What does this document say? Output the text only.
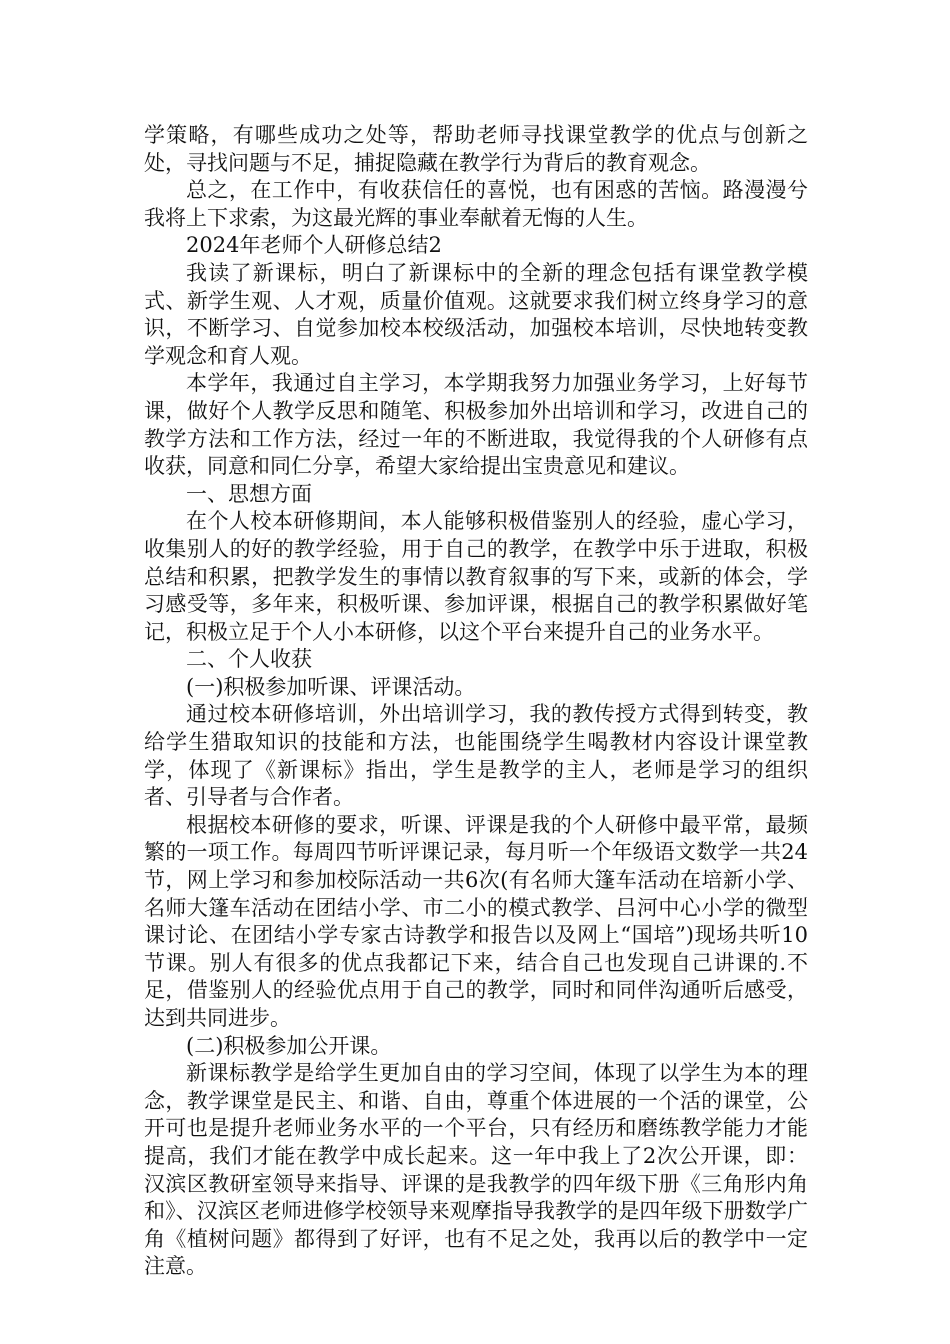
学策略，有哪些成功之处等，帮助老师寻找课堂教学的优点与创新之处，寻找问题与不足，捕捉隐藏在教学行为背后的教育观念。

总之，在工作中，有收获信任的喜悦，也有困惑的苦恼。路漫漫兮我将上下求索，为这最光辉的事业奉献着无悔的人生。

2024年老师个人研修总结2

我读了新课标，明白了新课标中的全新的理念包括有课堂教学模式、新学生观、人才观，质量价值观。这就要求我们树立终身学习的意识，不断学习、自觉参加校本校级活动，加强校本培训，尽快地转变教学观念和育人观。

本学年，我通过自主学习，本学期我努力加强业务学习，上好每节课，做好个人教学反思和随笔、积极参加外出培训和学习，改进自己的教学方法和工作方法，经过一年的不断进取，我觉得我的个人研修有点收获，同意和同仁分享，希望大家给提出宝贵意见和建议。

一、思想方面

在个人校本研修期间，本人能够积极借鉴别人的经验，虚心学习，收集别人的好的教学经验，用于自己的教学，在教学中乐于进取，积极总结和积累，把教学发生的事情以教育叙事的写下来，或新的体会，学习感受等，多年来，积极听课、参加评课，根据自己的教学积累做好笔记，积极立足于个人小本研修，以这个平台来提升自己的业务水平。

二、个人收获

(一)积极参加听课、评课活动。

通过校本研修培训，外出培训学习，我的教传授方式得到转变，教给学生猎取知识的技能和方法，也能围绕学生喝教材内容设计课堂教学，体现了《新课标》指出，学生是教学的主人，老师是学习的组织者、引导者与合作者。

根据校本研修的要求，听课、评课是我的个人研修中最平常，最频繁的一项工作。每周四节听评课记录，每月听一个年级语文数学一共24节，网上学习和参加校际活动一共6次(有名师大篷车活动在培新小学、名师大篷车活动在团结小学、市二小的模式教学、吕河中心小学的微型课讨论、在团结小学专家古诗教学和报告以及网上“国培”)现场共听10节课。别人有很多的优点我都记下来，结合自己也发现自己讲课的.不足，借鉴别人的经验优点用于自己的教学，同时和同伴沟通听后感受，达到共同进步。

(二)积极参加公开课。

新课标教学是给学生更加自由的学习空间，体现了以学生为本的理念，教学课堂是民主、和谐、自由，尊重个体进展的一个活的课堂，公开可也是提升老师业务水平的一个平台，只有经历和磨练教学能力才能提高，我们才能在教学中成长起来。这一年中我上了2次公开课，即：汉滨区教研室领导来指导、评课的是我教学的四年级下册《三角形内角和》、汉滨区老师进修学校领导来观摩指导我教学的是四年级下册数学广角《植树问题》都得到了好评，也有不足之处，我再以后的教学中一定注意。
